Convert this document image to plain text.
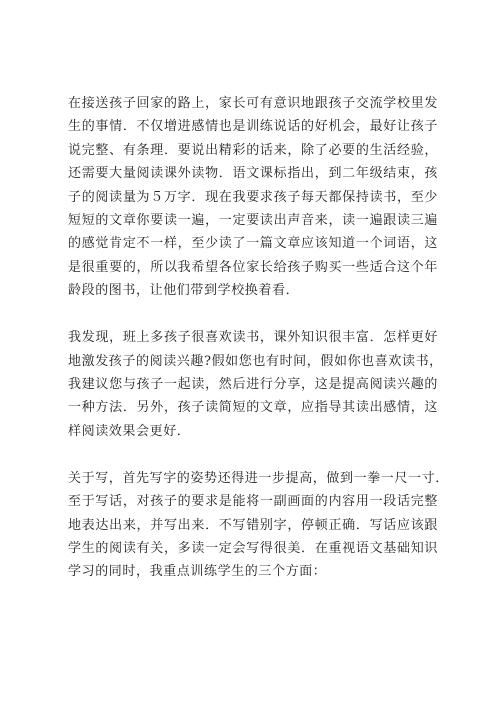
在接送孩子回家的路上，家长可有意识地跟孩子交流学校里发
生的事情．不仅增进感情也是训练说话的好机会，最好让孩子
说完整、有条理．要说出精彩的话来，除了必要的生活经验，
还需要大量阅读课外读物．语文课标指出，到二年级结束，孩
子的阅读量为５万字．现在我要求孩子每天都保持读书，至少
短短的文章你要读一遍，一定要读出声音来，读一遍跟读三遍
的感觉肯定不一样，至少读了一篇文章应该知道一个词语，这
是很重要的，所以我希望各位家长给孩子购买一些适合这个年
龄段的图书，让他们带到学校换着看．

我发现，班上多孩子很喜欢读书，课外知识很丰富．怎样更好
地激发孩子的阅读兴趣?假如您也有时间，假如你也喜欢读书，
我建议您与孩子一起读，然后进行分享，这是提高阅读兴趣的
一种方法．另外，孩子读简短的文章，应指导其读出感情，这
样阅读效果会更好．

关于写，首先写字的姿势还得进一步提高，做到一拳一尺一寸．
至于写话，对孩子的要求是能将一副画面的内容用一段话完整
地表达出来，并写出来．不写错别字，停顿正确．写话应该跟
学生的阅读有关，多读一定会写得很美．在重视语文基础知识
学习的同时，我重点训练学生的三个方面：
